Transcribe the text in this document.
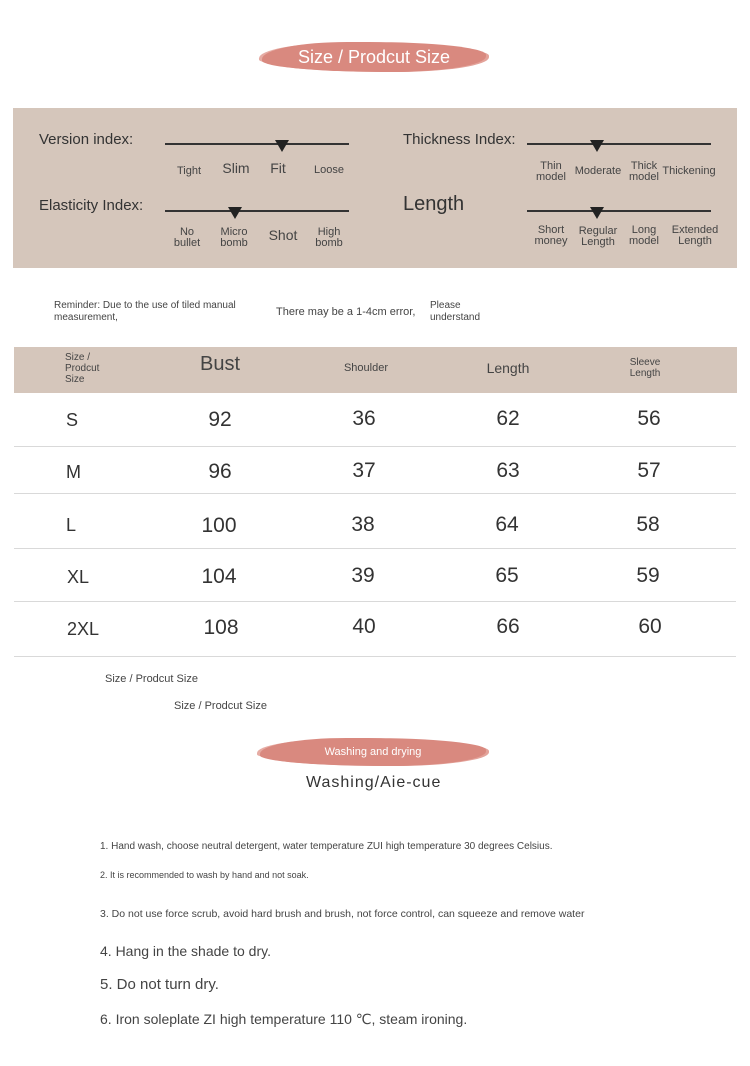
Size / Prodcut Size
Version index:
Tight	Slim	Fit	Loose
Thickness Index:
Thin model Moderate Thick model Thickening
Elasticity Index:
No bullet
Micro bomb	Shot	High bomb
Length
Short money
Regular Length
Long model
Extended Length
Reminder: Due to the use of tiled manual measurement,	There may be a 1-4cm error,
Please understand
Size / Prodcut Size
Bust	Shoulder	Length	Sleeve Length
S	92	36	62	56
M	96	37	63	57
L	100	38	64	58
XL	104	39	65	59
2XL	108	40	66	60
Size / Prodcut Size
Size / Prodcut Size
Washing and drying
Washing/Aie-cue
1. Hand wash, choose neutral detergent, water temperature ZUI high temperature 30 degrees Celsius.
2. It is recommended to wash by hand and not soak.
3. Do not use force scrub, avoid hard brush and brush, not force control, can squeeze and remove water
4. Hang in the shade to dry.
5. Do not turn dry.
6. Iron soleplate ZI high temperature 110 ℃, steam ironing.
